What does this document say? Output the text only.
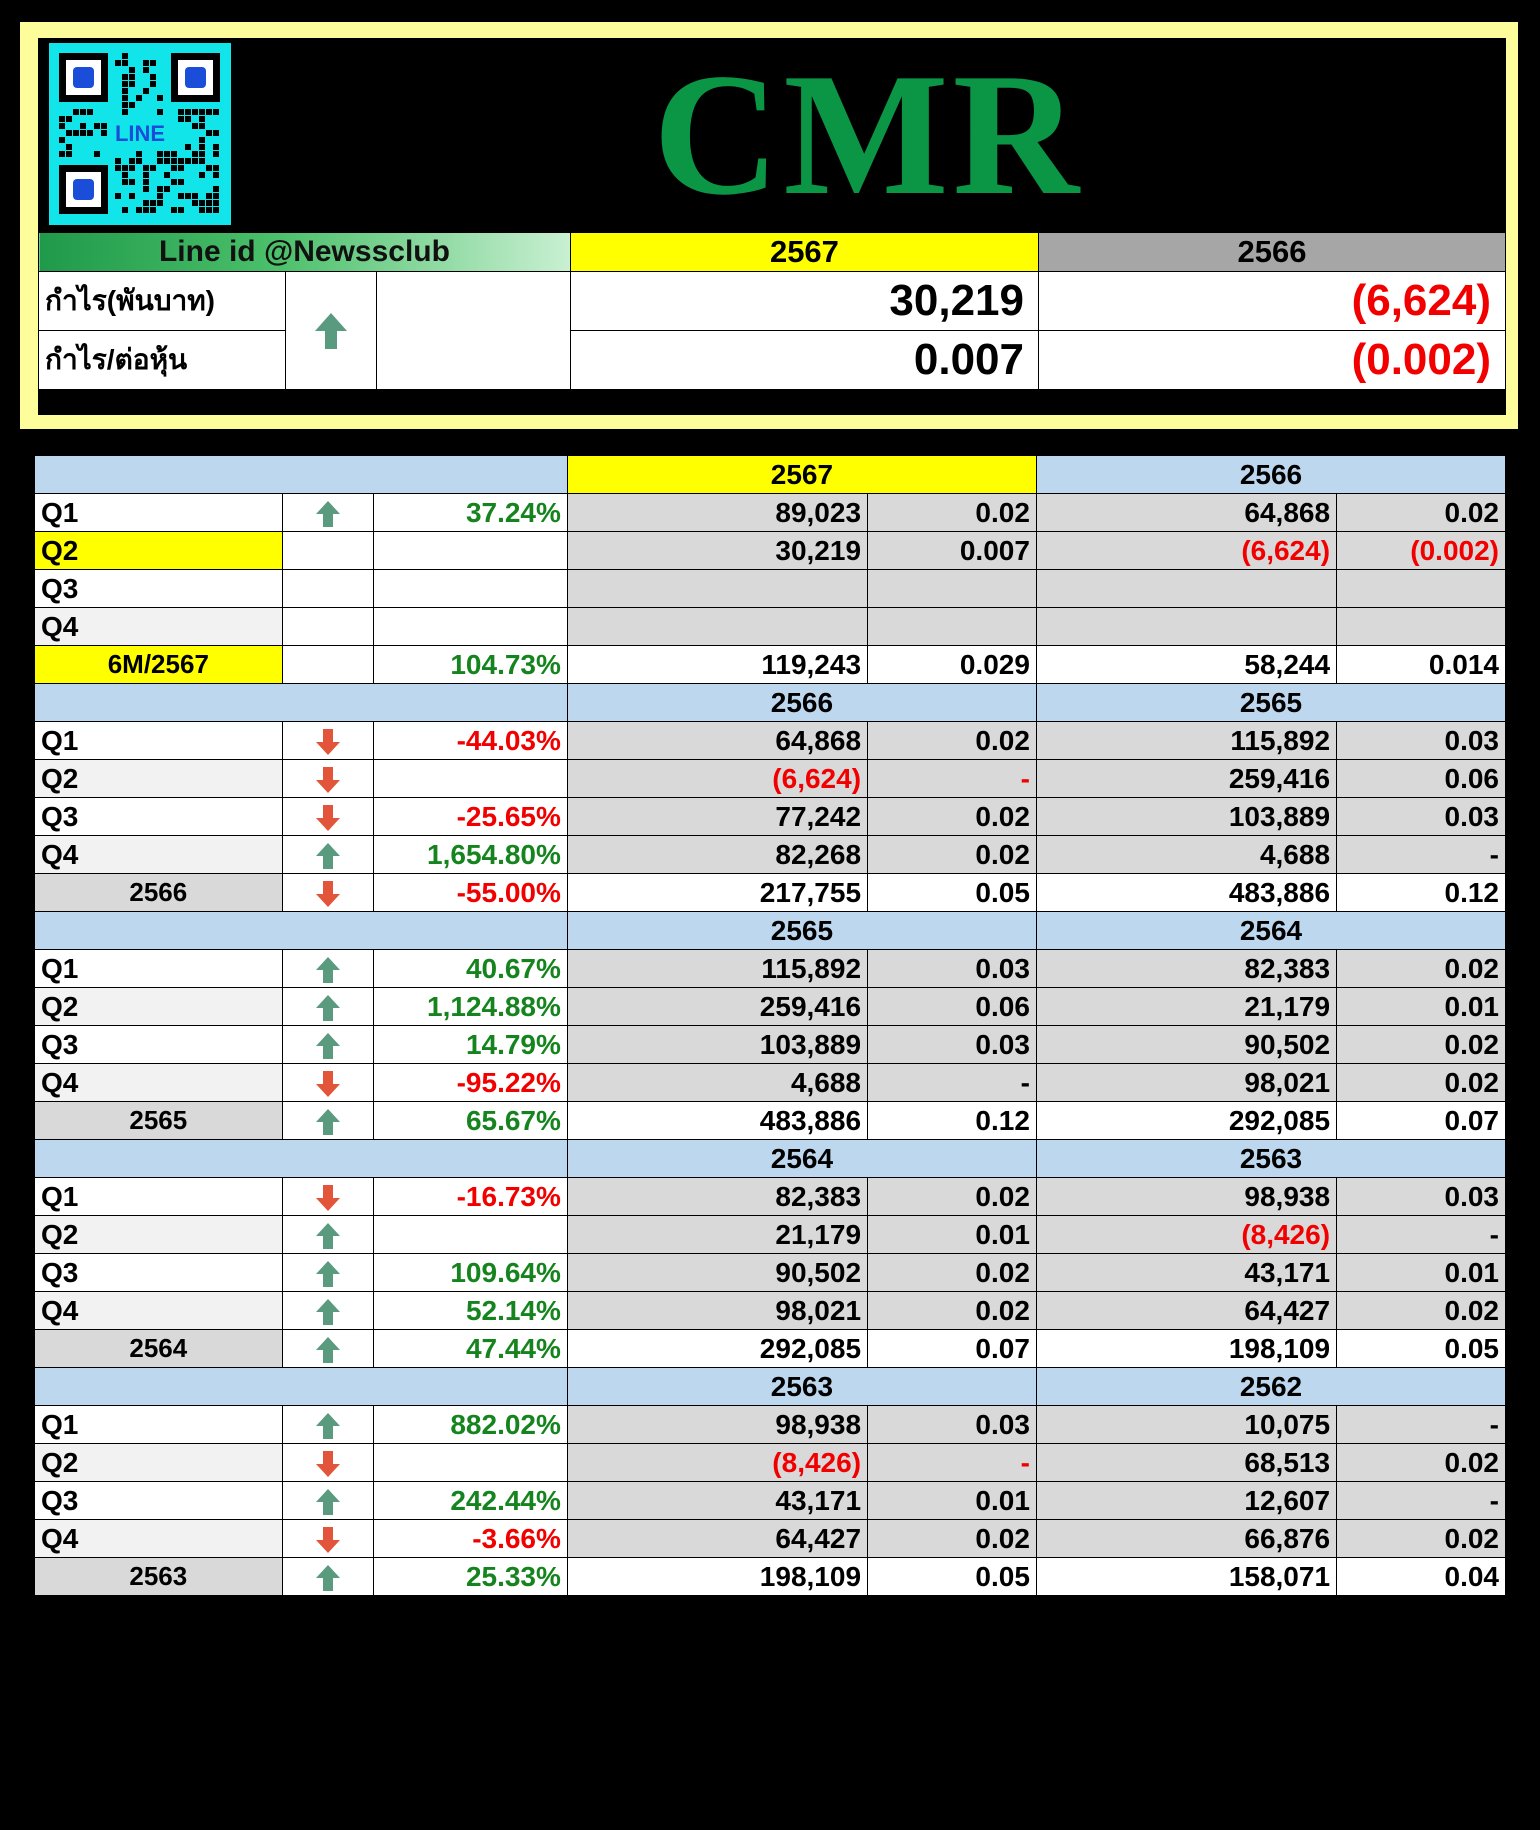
LINE	CMR
Line id @Newssclub			2567	2566
กำไร(พันบาท)			30,219	(6,624)
กำไร/ต่อหุ้น			0.007	(0.002)
			2567		2566	
Q1		37.24%	89,023	0.02	64,868	0.02
Q2			30,219	0.007	(6,624)	(0.002)
Q3						
Q4						
6M/2567		104.73%	119,243	0.029	58,244	0.014
			2566		2565	
Q1		-44.03%	64,868	0.02	115,892	0.03
Q2			(6,624)	-	259,416	0.06
Q3		-25.65%	77,242	0.02	103,889	0.03
Q4		1,654.80%	82,268	0.02	4,688	-
2566		-55.00%	217,755	0.05	483,886	0.12
			2565		2564	
Q1		40.67%	115,892	0.03	82,383	0.02
Q2		1,124.88%	259,416	0.06	21,179	0.01
Q3		14.79%	103,889	0.03	90,502	0.02
Q4		-95.22%	4,688	-	98,021	0.02
2565		65.67%	483,886	0.12	292,085	0.07
			2564		2563	
Q1		-16.73%	82,383	0.02	98,938	0.03
Q2			21,179	0.01	(8,426)	-
Q3		109.64%	90,502	0.02	43,171	0.01
Q4		52.14%	98,021	0.02	64,427	0.02
2564		47.44%	292,085	0.07	198,109	0.05
			2563		2562	
Q1		882.02%	98,938	0.03	10,075	-
Q2			(8,426)	-	68,513	0.02
Q3		242.44%	43,171	0.01	12,607	-
Q4		-3.66%	64,427	0.02	66,876	0.02
2563		25.33%	198,109	0.05	158,071	0.04
